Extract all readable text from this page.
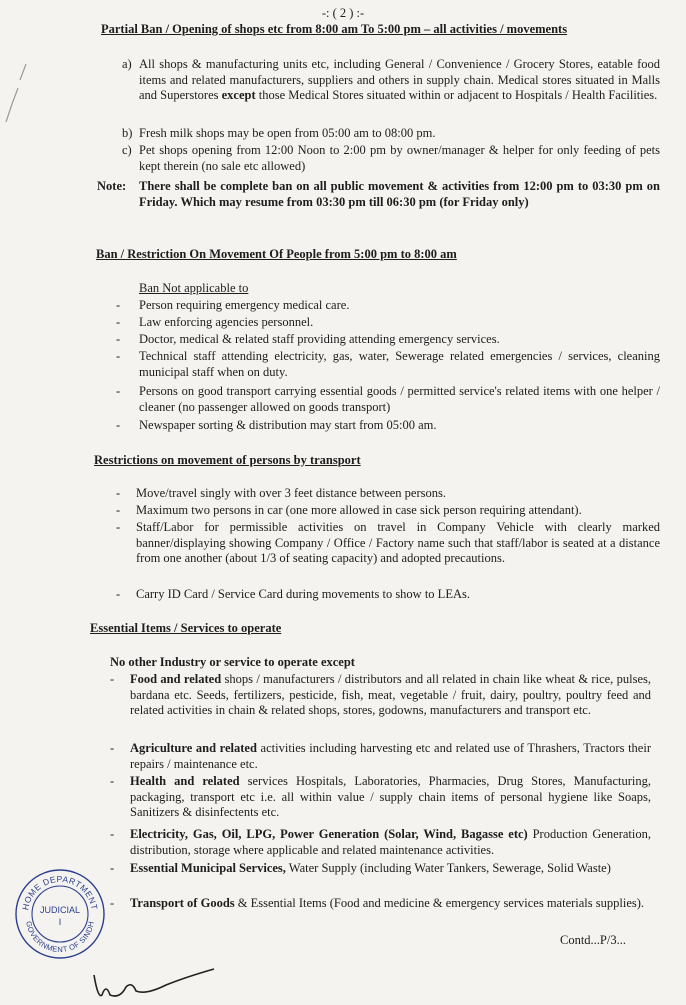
-: ( 2 ) :-
Partial Ban / Opening of shops etc from 8:00 am To 5:00 pm – all activities / movements
a) All shops & manufacturing units etc, including General / Convenience / Grocery Stores, eatable food items and related manufacturers, suppliers and others in supply chain. Medical stores situated in Malls and Superstores except those Medical Stores situated within or adjacent to Hospitals / Health Facilities.
b) Fresh milk shops may be open from 05:00 am to 08:00 pm.
c) Pet shops opening from 12:00 Noon to 2:00 pm by owner/manager & helper for only feeding of pets kept therein (no sale etc allowed)
Note: There shall be complete ban on all public movement & activities from 12:00 pm to 03:30 pm on Friday. Which may resume from 03:30 pm till 06:30 pm (for Friday only)
Ban / Restriction On Movement Of People from 5:00 pm to 8:00 am
Ban Not applicable to
- Person requiring emergency medical care.
- Law enforcing agencies personnel.
- Doctor, medical & related staff providing attending emergency services.
- Technical staff attending electricity, gas, water, Sewerage related emergencies / services, cleaning municipal staff when on duty.
- Persons on good transport carrying essential goods / permitted service's related items with one helper / cleaner (no passenger allowed on goods transport)
- Newspaper sorting & distribution may start from 05:00 am.
Restrictions on movement of persons by transport
- Move/travel singly with over 3 feet distance between persons.
- Maximum two persons in car (one more allowed in case sick person requiring attendant).
- Staff/Labor for permissible activities on travel in Company Vehicle with clearly marked banner/displaying showing Company / Office / Factory name such that staff/labor is seated at a distance from one another (about 1/3 of seating capacity) and adopted precautions.
- Carry ID Card / Service Card during movements to show to LEAs.
Essential Items / Services to operate
No other Industry or service to operate except
- Food and related shops / manufacturers / distributors and all related in chain like wheat & rice, pulses, bardana etc. Seeds, fertilizers, pesticide, fish, meat, vegetable / fruit, dairy, poultry, poultry feed and related activities in chain & related shops, stores, godowns, manufacturers and transport etc.
- Agriculture and related activities including harvesting etc and related use of Thrashers, Tractors their repairs / maintenance etc.
- Health and related services Hospitals, Laboratories, Pharmacies, Drug Stores, Manufacturing, packaging, transport etc i.e. all within value / supply chain items of personal hygiene like Soaps, Sanitizers & disinfectents etc.
- Electricity, Gas, Oil, LPG, Power Generation (Solar, Wind, Bagasse etc) Production Generation, distribution, storage where applicable and related maintenance activities.
- Essential Municipal Services, Water Supply (including Water Tankers, Sewerage, Solid Waste)
- Transport of Goods & Essential Items (Food and medicine & emergency services materials supplies).
Contd...P/3...
HOME DEPARTMENT
GOVERNMENT OF SINDH
JUDICIAL
I
